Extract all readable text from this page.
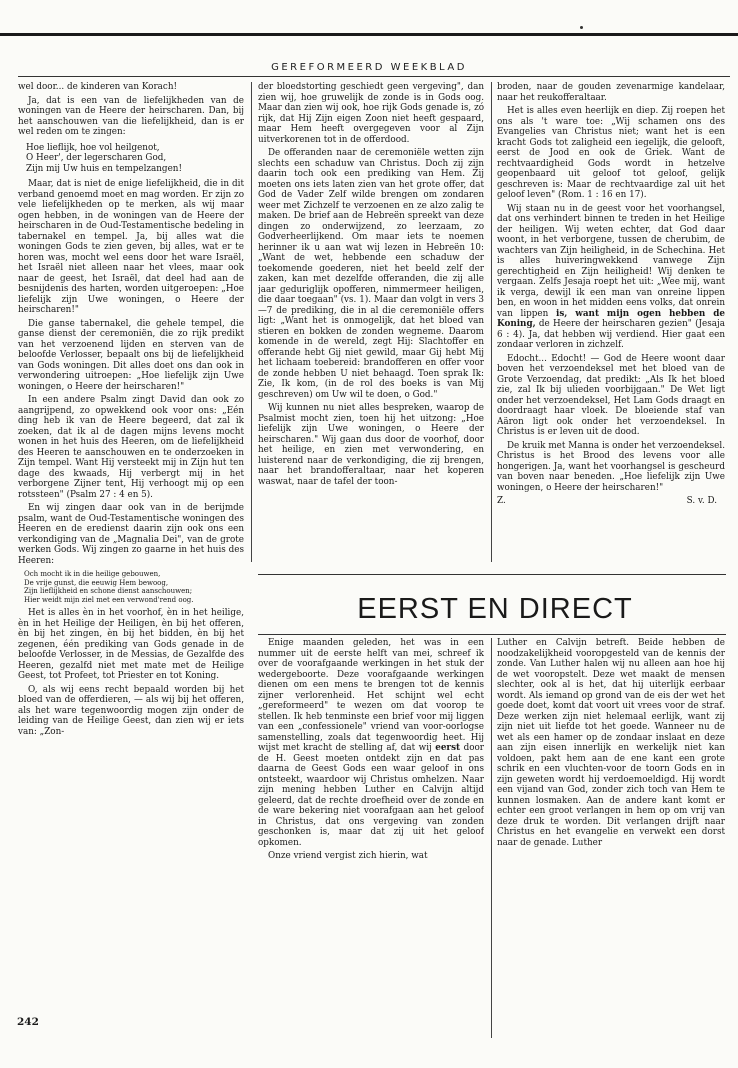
GEREFORMEERD WEEKBLAD

wel door... de kinderen van Korach!

Ja, dat is een van de liefelijkheden van de woningen van de Heere der heirscharen. Dan, bij het aanschouwen van die liefelijkheid, dan is er wel reden om te zingen:

Hoe lieflijk, hoe vol heilgenot,
O Heer', der legerscharen God,
Zijn mij Uw huis en tempelzangen!

Maar, dat is niet de enige liefelijkheid, die in dit verband genoemd moet en mag worden. Er zijn zo vele liefelijkheden op te merken, als wij maar ogen hebben, in de woningen van de Heere der heirscharen in de Oud-Testamentische bedeling in tabernakel en tempel. Ja, bij alles wat die woningen Gods te zien geven, bij alles, wat er te horen was, mocht wel eens door het ware Israël, het Israël niet alleen naar het vlees, maar ook naar de geest, het Israël, dat deel had aan de besnijdenis des harten, worden uitgeroepen: „Hoe liefelijk zijn Uwe woningen, o Heere der heirscharen!"

Die ganse tabernakel, die gehele tempel, die ganse dienst der ceremoniën, die zo rijk predikt van het verzoenend lijden en sterven van de beloofde Verlosser, bepaalt ons bij de liefelijkheid van Gods woningen. Dit alles doet ons dan ook in verwondering uitroepen: „Hoe liefelijk zijn Uwe woningen, o Heere der heirscharen!"

In een andere Psalm zingt David dan ook zo aangrijpend, zo opwekkend ook voor ons: „Eén ding heb ik van de Heere begeerd, dat zal ik zoeken, dat ik al de dagen mijns levens mocht wonen in het huis des Heeren, om de liefelijkheid des Heeren te aanschouwen en te onderzoeken in Zijn tempel. Want Hij versteekt mij in Zijn hut ten dage des kwaads, Hij verbergt mij in het verborgene Zijner tent, Hij verhoogt mij op een rotssteen" (Psalm 27 : 4 en 5).

En wij zingen daar ook van in de berijmde psalm, want de Oud-Testamentische woningen des Heeren en de eredienst daarin zijn ook ons een verkondiging van de „Magnalia Dei", van de grote werken Gods. Wij zingen zo gaarne in het huis des Heeren:

Och mocht ik in die heilige gebouwen,
De vrije gunst, die eeuwig Hem bewoog,
Zijn lieflijkheid en schone dienst aanschouwen;
Hier weidt mijn ziel met een verwond'rend oog.

Het is alles èn in het voorhof, èn in het heilige, èn in het Heilige der Heiligen, èn bij het offeren, èn bij het zingen, èn bij het bidden, èn bij het zegenen, één prediking van Gods genade in de beloofde Verlosser, in de Messias, de Gezalfde des Heeren, gezalfd niet met mate met de Heilige Geest, tot Profeet, tot Priester en tot Koning.

O, als wij eens recht bepaald worden bij het bloed van de offerdieren, — als wij bij het offeren, als het ware tegenwoordig mogen zijn onder de leiding van de Heilige Geest, dan zien wij er iets van: „Zon-

der bloedstorting geschiedt geen vergeving", dan zien wij, hoe gruwelijk de zonde is in Gods oog. Maar dan zien wij ook, hoe rijk Gods genade is, zó rijk, dat Hij Zijn eigen Zoon niet heeft gespaard, maar Hem heeft overgegeven voor al Zijn uitverkorenen tot in de offerdood.

De offeranden naar de ceremoniële wetten zijn slechts een schaduw van Christus. Doch zij zijn daarin toch ook een prediking van Hem. Zij moeten ons iets laten zien van het grote offer, dat God de Vader Zelf wilde brengen om zondaren weer met Zichzelf te verzoenen en ze alzo zalig te maken. De brief aan de Hebreën spreekt van deze dingen zo onderwijzend, zo leerzaam, zo Godverheerlijkend. Om maar iets te noemen herinner ik u aan wat wij lezen in Hebreën 10: „Want de wet, hebbende een schaduw der toekomende goederen, niet het beeld zelf der zaken, kan met dezelfde offeranden, die zij alle jaar geduriglijk opofferen, nimmermeer heiligen, die daar toegaan" (vs. 1). Maar dan volgt in vers 3—7 de prediking, die in al die ceremoniële offers ligt: „Want het is onmogelijk, dat het bloed van stieren en bokken de zonden wegneme. Daarom komende in de wereld, zegt Hij: Slachtoffer en offerande hebt Gij niet gewild, maar Gij hebt Mij het lichaam toebereid: brandofferen en offer voor de zonde hebben U niet behaagd. Toen sprak Ik: Zie, Ik kom, (in de rol des boeks is van Mij geschreven) om Uw wil te doen, o God."

Wij kunnen nu niet alles bespreken, waarop de Psalmist mocht zien, toen hij het uitzong: „Hoe liefelijk zijn Uwe woningen, o Heere der heirscharen." Wij gaan dus door de voorhof, door het heilige, en zien met verwondering, en luisterend naar de verkondiging, die zij brengen, naar het brandofferaltaar, naar het koperen waswat, naar de tafel der toon-

broden, naar de gouden zevenarmige kandelaar, naar het reukofferaltaar.

Het is alles even heerlijk en diep. Zij roepen het ons als 't ware toe: „Wij schamen ons des Evangelies van Christus niet; want het is een kracht Gods tot zaligheid een iegelijk, die gelooft, eerst de Jood en ook de Griek. Want de rechtvaardigheid Gods wordt in hetzelve geopenbaard uit geloof tot geloof, gelijk geschreven is: Maar de rechtvaardige zal uit het geloof leven" (Rom. 1 : 16 en 17).

Wij staan nu in de geest voor het voorhangsel, dat ons verhindert binnen te treden in het Heilige der heiligen. Wij weten echter, dat God daar woont, in het verborgene, tussen de cherubim, de wachters van Zijn heiligheid, in de Schechina. Het is alles huiveringwekkend vanwege Zijn gerechtigheid en Zijn heiligheid! Wij denken te vergaan. Zelfs Jesaja roept het uit: „Wee mij, want ik verga, dewijl ik een man van onreine lippen ben, en woon in het midden eens volks, dat onrein van lippen is, want mijn ogen hebben de Koning, de Heere der heirscharen gezien" (Jesaja 6 : 4). Ja, dat hebben wij verdiend. Hier gaat een zondaar verloren in zichzelf.

Edocht... Edocht! — God de Heere woont daar boven het verzoendeksel met het bloed van de Grote Verzoendag, dat predikt: „Als Ik het bloed zie, zal Ik bij ulieden voorbijgaan." De Wet ligt onder het verzoendeksel, Het Lam Gods draagt en doordraagt haar vloek. De bloeiende staf van Aäron ligt ook onder het verzoendeksel. In Christus is er leven uit de dood.

De kruik met Manna is onder het verzoendeksel. Christus is het Brood des levens voor alle hongerigen. Ja, want het voorhangsel is gescheurd van boven naar beneden. „Hoe liefelijk zijn Uwe woningen, o Heere der heirscharen!"

Z.	S. v. D.
EERST EN DIRECT

Enige maanden geleden, het was in een nummer uit de eerste helft van mei, schreef ik over de voorafgaande werkingen in het stuk der wedergeboorte. Deze voorafgaande werkingen dienen om een mens te brengen tot de kennis zijner verlorenheid. Het schijnt wel echt „gereformeerd" te wezen om dat voorop te stellen. Ik heb tenminste een brief voor mij liggen van een „confessionele" vriend van voor-oorlogse samenstelling, zoals dat tegenwoordig heet. Hij wijst met kracht de stelling af, dat wij eerst door de H. Geest moeten ontdekt zijn en dat pas daarna de Geest Gods een waar geloof in ons ontsteekt, waardoor wij Christus omhelzen. Naar zijn mening hebben Luther en Calvijn altijd geleerd, dat de rechte droefheid over de zonde en de ware bekering niet voorafgaan aan het geloof in Christus, dat ons vergeving van zonden geschonken is, maar dat zij uit het geloof opkomen.

Onze vriend vergist zich hierin, wat

Luther en Calvijn betreft. Beide hebben de noodzakelijkheid vooropgesteld van de kennis der zonde. Van Luther halen wij nu alleen aan hoe hij de wet vooropstelt. Deze wet maakt de mensen slechter, ook al is het, dat hij uiterlijk eerbaar wordt. Als iemand op grond van de eis der wet het goede doet, komt dat voort uit vrees voor de straf. Deze werken zijn niet helemaal eerlijk, want zij zijn niet uit liefde tot het goede. Wanneer nu de wet als een hamer op de zondaar inslaat en deze aan zijn eisen innerlijk en werkelijk niet kan voldoen, pakt hem aan de ene kant een grote schrik en een vluchten-voor de toorn Gods en in zijn geweten wordt hij verdoemoeldigd. Hij wordt een vijand van God, zonder zich toch van Hem te kunnen losmaken. Aan de andere kant komt er echter een groot verlangen in hem op om vrij van deze druk te worden. Dit verlangen drijft naar Christus en het evangelie en verwekt een dorst naar de genade. Luther

242
